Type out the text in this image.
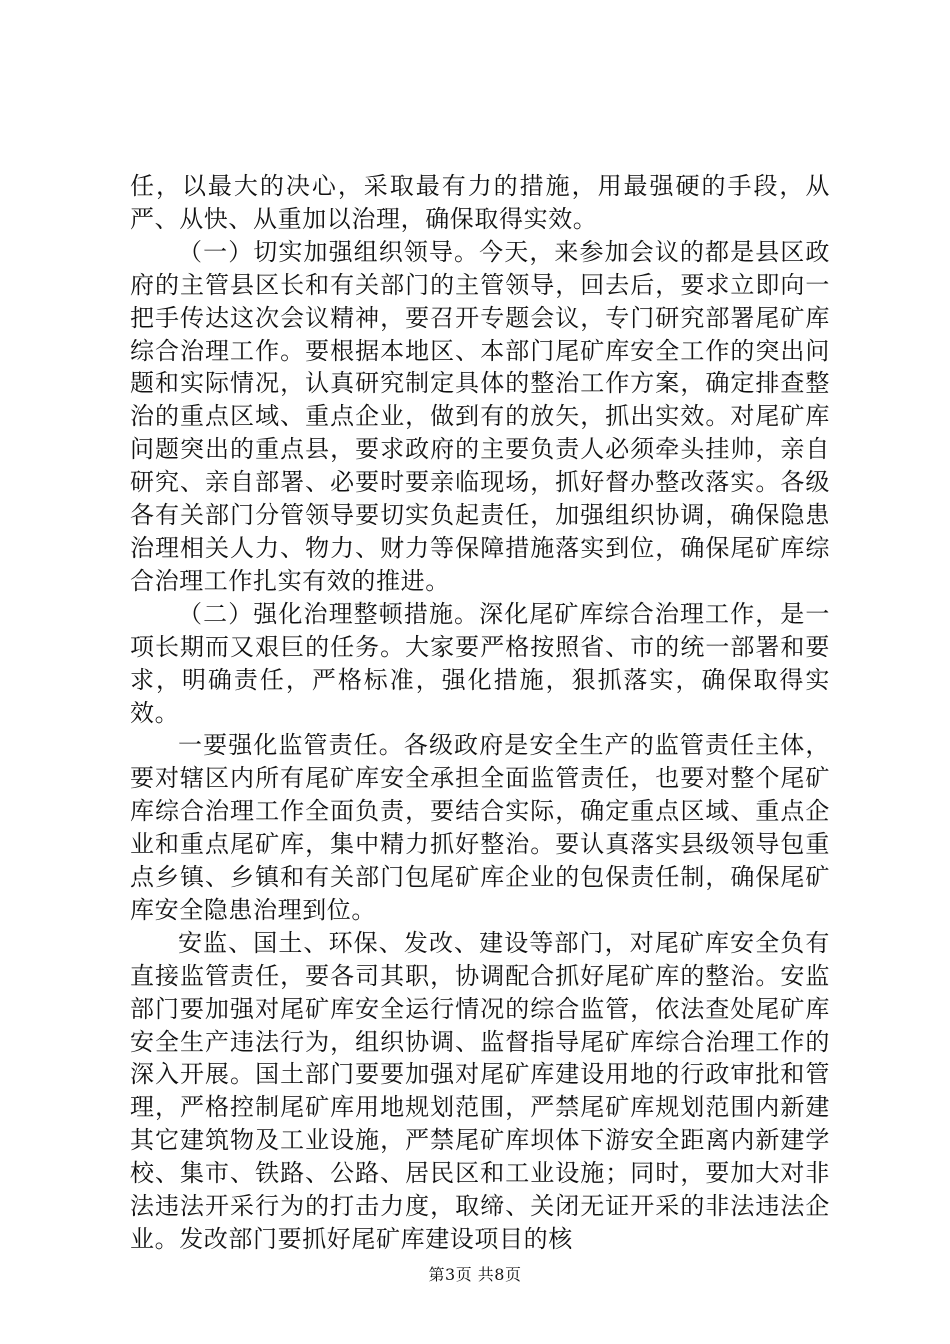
任，以最大的决心，采取最有力的措施，用最强硬的手段，从严、从快、从重加以治理，确保取得实效。

（一）切实加强组织领导。今天，来参加会议的都是县区政府的主管县区长和有关部门的主管领导，回去后，要求立即向一把手传达这次会议精神，要召开专题会议，专门研究部署尾矿库综合治理工作。要根据本地区、本部门尾矿库安全工作的突出问题和实际情况，认真研究制定具体的整治工作方案，确定排查整治的重点区域、重点企业，做到有的放矢，抓出实效。对尾矿库问题突出的重点县，要求政府的主要负责人必须牵头挂帅，亲自研究、亲自部署、必要时要亲临现场，抓好督办整改落实。各级各有关部门分管领导要切实负起责任，加强组织协调，确保隐患治理相关人力、物力、财力等保障措施落实到位，确保尾矿库综合治理工作扎实有效的推进。

（二）强化治理整顿措施。深化尾矿库综合治理工作，是一项长期而又艰巨的任务。大家要严格按照省、市的统一部署和要求，明确责任，严格标准，强化措施，狠抓落实，确保取得实效。

一要强化监管责任。各级政府是安全生产的监管责任主体，要对辖区内所有尾矿库安全承担全面监管责任，也要对整个尾矿库综合治理工作全面负责，要结合实际，确定重点区域、重点企业和重点尾矿库，集中精力抓好整治。要认真落实县级领导包重点乡镇、乡镇和有关部门包尾矿库企业的包保责任制，确保尾矿库安全隐患治理到位。

安监、国土、环保、发改、建设等部门，对尾矿库安全负有直接监管责任，要各司其职，协调配合抓好尾矿库的整治。安监部门要加强对尾矿库安全运行情况的综合监管，依法查处尾矿库安全生产违法行为，组织协调、监督指导尾矿库综合治理工作的深入开展。国土部门要要加强对尾矿库建设用地的行政审批和管理，严格控制尾矿库用地规划范围，严禁尾矿库规划范围内新建其它建筑物及工业设施，严禁尾矿库坝体下游安全距离内新建学校、集市、铁路、公路、居民区和工业设施；同时，要加大对非法违法开采行为的打击力度，取缔、关闭无证开采的非法违法企业。发改部门要抓好尾矿库建设项目的核

第3页 共8页
